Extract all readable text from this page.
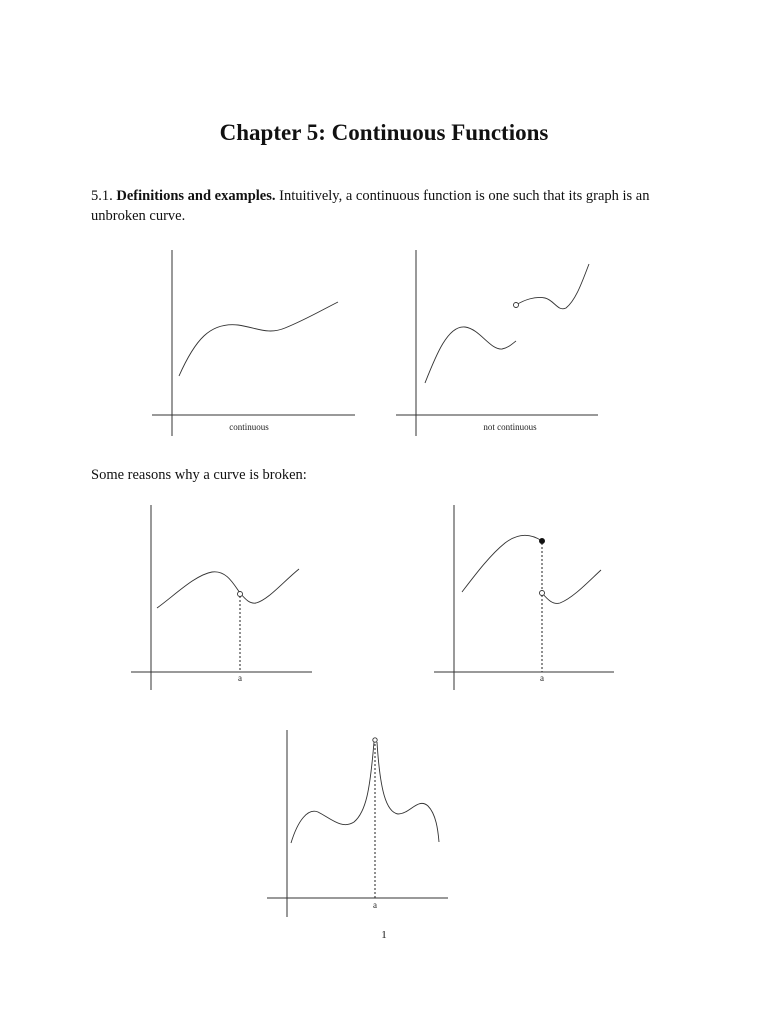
Chapter 5: Continuous Functions

5.1. Definitions and examples. Intuitively, a continuous function is one such that its graph is an unbroken curve.

Some reasons why a curve is broken:

continuous	not continuous
a	a
a
1
